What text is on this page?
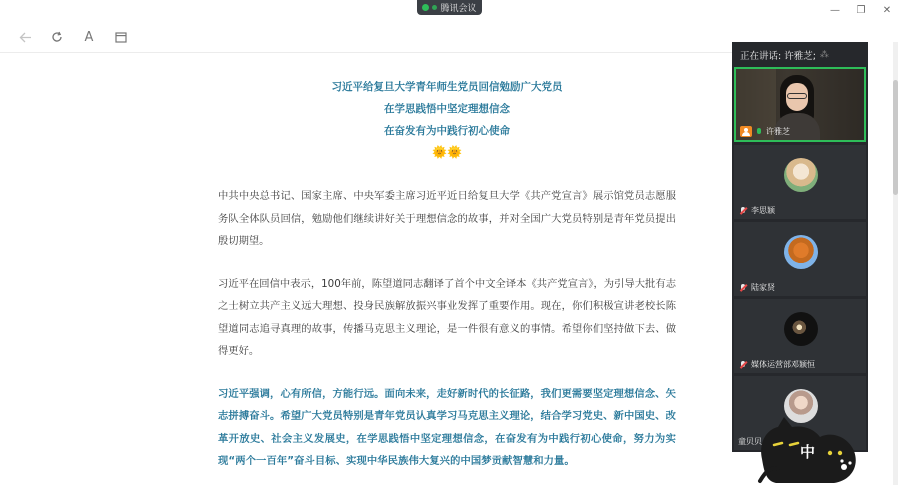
腾讯会议	—	❐	✕
A
习近平给复旦大学青年师生党员回信勉励广大党员
在学思践悟中坚定理想信念
在奋发有为中践行初心使命
🌞🌞

中共中央总书记、国家主席、中央军委主席习近平近日给复旦大学《共产党宣言》展示馆党员志愿服务队全体队员回信，勉励他们继续讲好关于理想信念的故事，并对全国广大党员特别是青年党员提出殷切期望。

习近平在回信中表示，100年前，陈望道同志翻译了首个中文全译本《共产党宣言》，为引导大批有志之士树立共产主义远大理想、投身民族解放振兴事业发挥了重要作用。现在，你们积极宣讲老校长陈望道同志追寻真理的故事，传播马克思主义理论，是一件很有意义的事情。希望你们坚持做下去、做得更好。

习近平强调，心有所信，方能行远。面向未来，走好新时代的长征路，我们更需要坚定理想信念、矢志拼搏奋斗。希望广大党员特别是青年党员认真学习马克思主义理论，结合学习党史、新中国史、改革开放史、社会主义发展史，在学思践悟中坚定理想信念，在奋发有为中践行初心使命，努力为实现“两个一百年”奋斗目标、实现中华民族伟大复兴的中国梦贡献智慧和力量。

正在讲话: 许雅芝; ⁂
许雅芝
李思颖
陆家贤
媒体运营部邓颖恒
童贝贝
中
